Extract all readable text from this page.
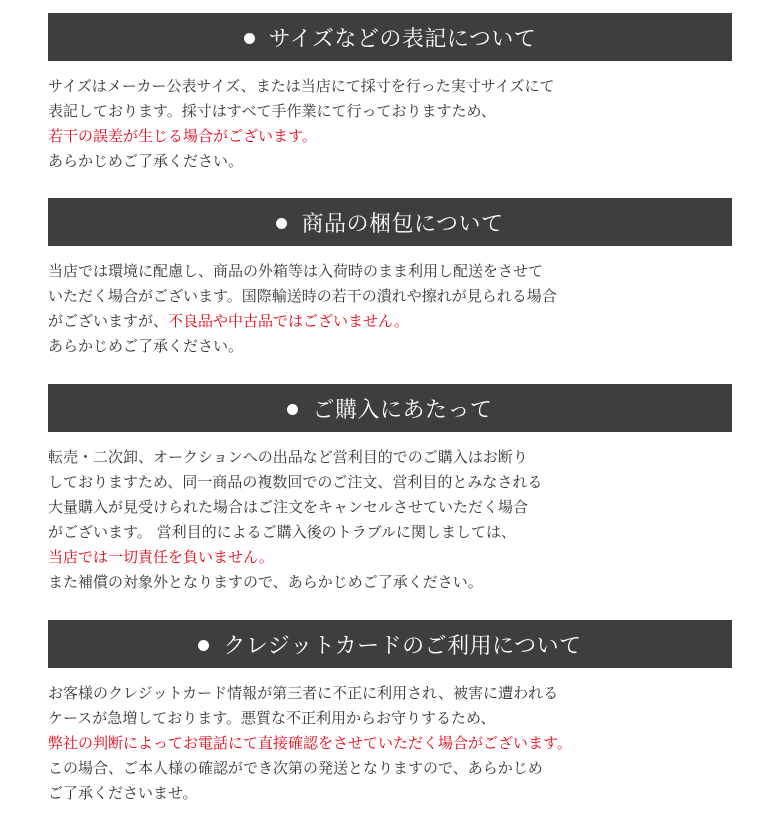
サイズなどの表記について
サイズはメーカー公表サイズ、または当店にて採寸を行った実寸サイズにて
表記しております。採寸はすべて手作業にて行っておりますため、
若干の誤差が生じる場合がございます。
あらかじめご了承ください。
商品の梱包について
当店では環境に配慮し、商品の外箱等は入荷時のまま利用し配送をさせて
いただく場合がございます。国際輸送時の若干の潰れや擦れが見られる場合
がございますが、不良品や中古品ではございません。
あらかじめご了承ください。
ご購入にあたって
転売・二次卸、オークションへの出品など営利目的でのご購入はお断り
しておりますため、同一商品の複数回でのご注文、営利目的とみなされる
大量購入が見受けられた場合はご注文をキャンセルさせていただく場合
がございます。 営利目的によるご購入後のトラブルに関しましては、
当店では一切責任を負いません。
また補償の対象外となりますので、あらかじめご了承ください。
クレジットカードのご利用について
お客様のクレジットカード情報が第三者に不正に利用され、被害に遭われる
ケースが急増しております。悪質な不正利用からお守りするため、
弊社の判断によってお電話にて直接確認をさせていただく場合がございます。
この場合、ご本人様の確認ができ次第の発送となりますので、あらかじめ
ご了承くださいませ。
